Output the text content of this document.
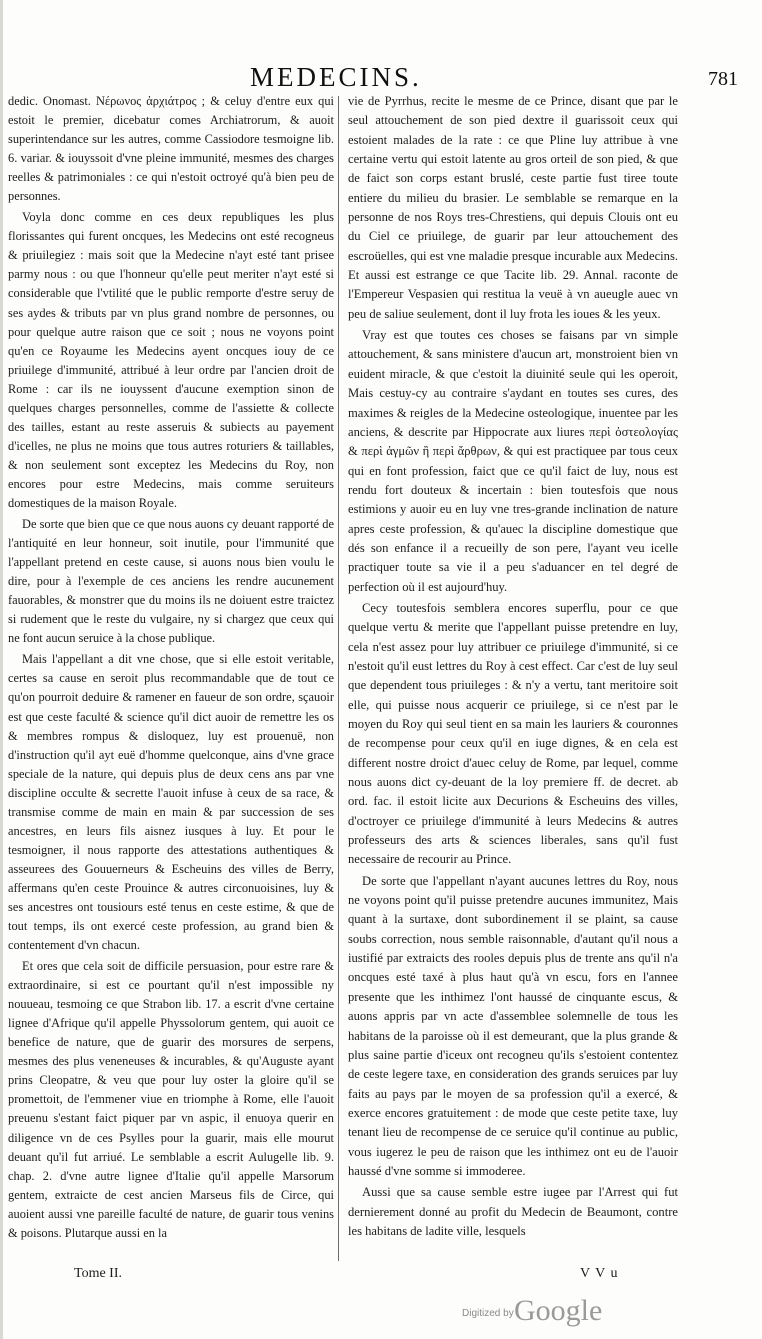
MEDECINS.	781

dedic. Onomast. Νέρωνος ἀρχιάτρος ; & celuy d'entre eux qui estoit le premier, dicebatur comes Archiatrorum, & auoit superintendance sur les autres, comme Cassiodore tesmoigne lib. 6. variar. & iouyssoit d'vne pleine immunité, mesmes des charges reelles & patrimoniales : ce qui n'estoit octroyé qu'à bien peu de personnes.

Voyla donc comme en ces deux republiques les plus florissantes qui furent oncques, les Medecins ont esté recogneus & priuilegiez : mais soit que la Medecine n'ayt esté tant prisee parmy nous : ou que l'honneur qu'elle peut meriter n'ayt esté si considerable que l'vtilité que le public remporte d'estre seruy de ses aydes & tributs par vn plus grand nombre de personnes, ou pour quelque autre raison que ce soit ; nous ne voyons point qu'en ce Royaume les Medecins ayent oncques iouy de ce priuilege d'immunité, attribué à leur ordre par l'ancien droit de Rome : car ils ne iouyssent d'aucune exemption sinon de quelques charges personnelles, comme de l'assiette & collecte des tailles, estant au reste asseruis & subiects au payement d'icelles, ne plus ne moins que tous autres roturiers & taillables, & non seulement sont exceptez les Medecins du Roy, non encores pour estre Medecins, mais comme seruiteurs domestiques de la maison Royale.

De sorte que bien que ce que nous auons cy deuant rapporté de l'antiquité en leur honneur, soit inutile, pour l'immunité que l'appellant pretend en ceste cause, si auons nous bien voulu le dire, pour à l'exemple de ces anciens les rendre aucunement fauorables, & monstrer que du moins ils ne doiuent estre traictez si rudement que le reste du vulgaire, ny si chargez que ceux qui ne font aucun seruice à la chose publique.

Mais l'appellant a dit vne chose, que si elle estoit veritable, certes sa cause en seroit plus recommandable que de tout ce qu'on pourroit deduire & ramener en faueur de son ordre, sçauoir est que ceste faculté & science qu'il dict auoir de remettre les os & membres rompus & disloquez, luy est prouenuë, non d'instruction qu'il ayt euë d'homme quelconque, ains d'vne grace speciale de la nature, qui depuis plus de deux cens ans par vne discipline occulte & secrette l'auoit infuse à ceux de sa race, & transmise comme de main en main & par succession de ses ancestres, en leurs fils aisnez iusques à luy. Et pour le tesmoigner, il nous rapporte des attestations authentiques & asseurees des Gouuerneurs & Escheuins des villes de Berry, affermans qu'en ceste Prouince & autres circonuoisines, luy & ses ancestres ont tousiours esté tenus en ceste estime, & que de tout temps, ils ont exercé ceste profession, au grand bien & contentement d'vn chacun.

Et ores que cela soit de difficile persuasion, pour estre rare & extraordinaire, si est ce pourtant qu'il n'est impossible ny nouueau, tesmoing ce que Strabon lib. 17. a escrit d'vne certaine lignee d'Afrique qu'il appelle Physsolorum gentem, qui auoit ce benefice de nature, que de guarir des morsures de serpens, mesmes des plus veneneuses & incurables, & qu'Auguste ayant prins Cleopatre, & veu que pour luy oster la gloire qu'il se promettoit, de l'emmener viue en triomphe à Rome, elle l'auoit preuenu s'estant faict piquer par vn aspic, il enuoya querir en diligence vn de ces Psylles pour la guarir, mais elle mourut deuant qu'il fut arriué. Le semblable a escrit Aulugelle lib. 9. chap. 2. d'vne autre lignee d'Italie qu'il appelle Marsorum gentem, extraicte de cest ancien Marseus fils de Circe, qui auoient aussi vne pareille faculté de nature, de guarir tous venins & poisons. Plutarque aussi en la

vie de Pyrrhus, recite le mesme de ce Prince, disant que par le seul attouchement de son pied dextre il guarissoit ceux qui estoient malades de la rate : ce que Pline luy attribue à vne certaine vertu qui estoit latente au gros orteil de son pied, & que de faict son corps estant bruslé, ceste partie fust tiree toute entiere du milieu du brasier. Le semblable se remarque en la personne de nos Roys tres-Chrestiens, qui depuis Clouis ont eu du Ciel ce priuilege, de guarir par leur attouchement des escroüelles, qui est vne maladie presque incurable aux Medecins. Et aussi est estrange ce que Tacite lib. 29. Annal. raconte de l'Empereur Vespasien qui restitua la veuë à vn aueugle auec vn peu de saliue seulement, dont il luy frota les ioues & les yeux.

Vray est que toutes ces choses se faisans par vn simple attouchement, & sans ministere d'aucun art, monstroient bien vn euident miracle, & que c'estoit la diuinité seule qui les operoit, Mais cestuy-cy au contraire s'aydant en toutes ses cures, des maximes & reigles de la Medecine osteologique, inuentee par les anciens, & descrite par Hippocrate aux liures περὶ ὀστεολογίας & περὶ ἀγμῶν ἢ περὶ ἄρθρων, & qui est practiquee par tous ceux qui en font profession, faict que ce qu'il faict de luy, nous est rendu fort douteux & incertain : bien toutesfois que nous estimions y auoir eu en luy vne tres-grande inclination de nature apres ceste profession, & qu'auec la discipline domestique que dés son enfance il a recueilly de son pere, l'ayant veu icelle practiquer toute sa vie il a peu s'aduancer en tel degré de perfection où il est aujourd'huy.

Cecy toutesfois semblera encores superflu, pour ce que quelque vertu & merite que l'appellant puisse pretendre en luy, cela n'est assez pour luy attribuer ce priuilege d'immunité, si ce n'estoit qu'il eust lettres du Roy à cest effect. Car c'est de luy seul que dependent tous priuileges : & n'y a vertu, tant meritoire soit elle, qui puisse nous acquerir ce priuilege, si ce n'est par le moyen du Roy qui seul tient en sa main les lauriers & couronnes de recompense pour ceux qu'il en iuge dignes, & en cela est different nostre droict d'auec celuy de Rome, par lequel, comme nous auons dict cy-deuant de la loy premiere ff. de decret. ab ord. fac. il estoit licite aux Decurions & Escheuins des villes, d'octroyer ce priuilege d'immunité à leurs Medecins & autres professeurs des arts & sciences liberales, sans qu'il fust necessaire de recourir au Prince.

De sorte que l'appellant n'ayant aucunes lettres du Roy, nous ne voyons point qu'il puisse pretendre aucunes immunitez, Mais quant à la surtaxe, dont subordinement il se plaint, sa cause soubs correction, nous semble raisonnable, d'autant qu'il nous a iustifié par extraicts des rooles depuis plus de trente ans qu'il n'a oncques esté taxé à plus haut qu'à vn escu, fors en l'annee presente que les inthimez l'ont haussé de cinquante escus, & auons appris par vn acte d'assemblee solemnelle de tous les habitans de la paroisse où il est demeurant, que la plus grande & plus saine partie d'iceux ont recogneu qu'ils s'estoient contentez de ceste legere taxe, en consideration des grands seruices par luy faits au pays par le moyen de sa profession qu'il a exercé, & exerce encores gratuitement : de mode que ceste petite taxe, luy tenant lieu de recompense de ce seruice qu'il continue au public, vous iugerez le peu de raison que les inthimez ont eu de l'auoir haussé d'vne somme si immoderee.

Aussi que sa cause semble estre iugee par l'Arrest qui fut dernierement donné au profit du Medecin de Beaumont, contre les habitans de ladite ville, lesquels

Tome II.	V V u
Digitized by Google
